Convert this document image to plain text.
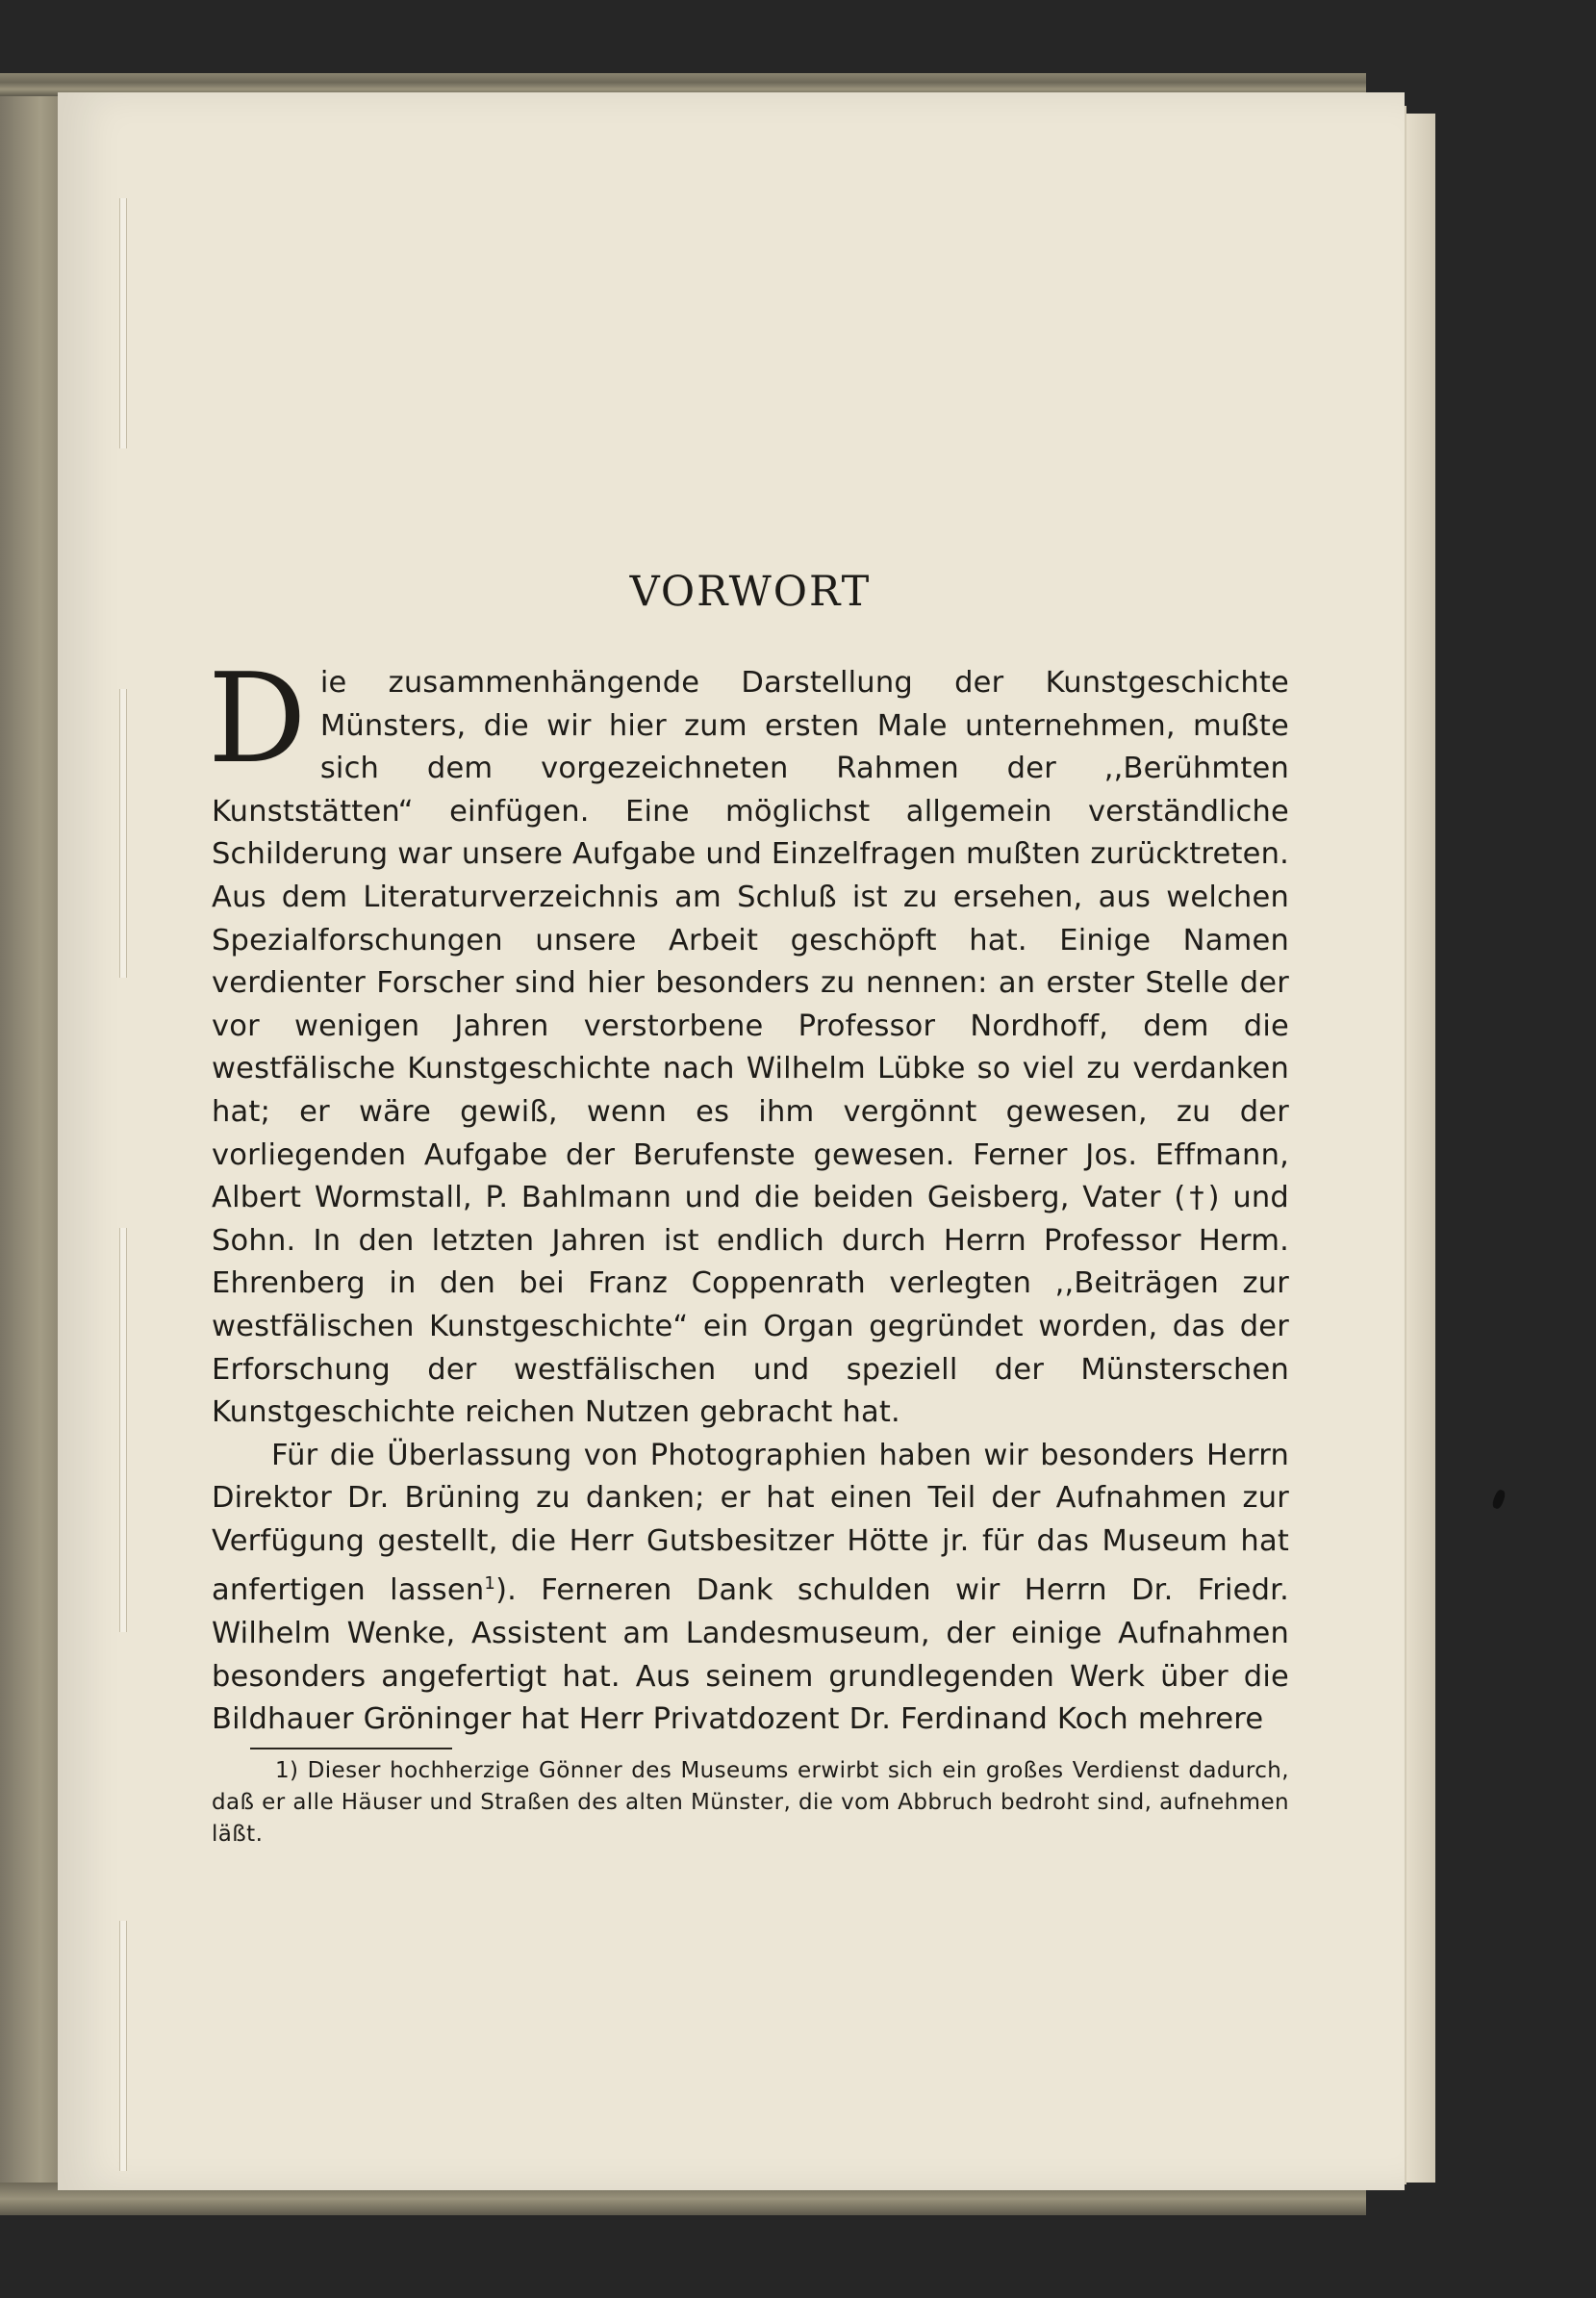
VORWORT

Die zusammenhängende Darstellung der Kunstgeschichte Münsters, die wir hier zum ersten Male unternehmen, mußte sich dem vorgezeichneten Rahmen der ,,Berühmten Kunststätten“ einfügen. Eine möglichst allgemein verständliche Schilderung war unsere Aufgabe und Einzelfragen mußten zurücktreten. Aus dem Literaturverzeichnis am Schluß ist zu ersehen, aus welchen Spezialforschungen unsere Arbeit geschöpft hat. Einige Namen verdienter Forscher sind hier besonders zu nennen: an erster Stelle der vor wenigen Jahren verstorbene Professor Nordhoff, dem die westfälische Kunstgeschichte nach Wilhelm Lübke so viel zu verdanken hat; er wäre gewiß, wenn es ihm vergönnt gewesen, zu der vorliegenden Aufgabe der Berufenste gewesen. Ferner Jos. Effmann, Albert Wormstall, P. Bahlmann und die beiden Geisberg, Vater (†) und Sohn. In den letzten Jahren ist endlich durch Herrn Professor Herm. Ehrenberg in den bei Franz Coppenrath verlegten ,,Beiträgen zur westfälischen Kunstgeschichte“ ein Organ gegründet worden, das der Erforschung der westfälischen und speziell der Münsterschen Kunstgeschichte reichen Nutzen gebracht hat.

Für die Überlassung von Photographien haben wir besonders Herrn Direktor Dr. Brüning zu danken; er hat einen Teil der Aufnahmen zur Verfügung gestellt, die Herr Gutsbesitzer Hötte jr. für das Museum hat anfertigen lassen$^1$). Ferneren Dank schulden wir Herrn Dr. Friedr. Wilhelm Wenke, Assistent am Landesmuseum, der einige Aufnahmen besonders angefertigt hat. Aus seinem grundlegenden Werk über die Bildhauer Gröninger hat Herr Privatdozent Dr. Ferdinand Koch mehrere

1) Dieser hochherzige Gönner des Museums erwirbt sich ein großes Verdienst dadurch, daß er alle Häuser und Straßen des alten Münster, die vom Abbruch bedroht sind, aufnehmen läßt.
